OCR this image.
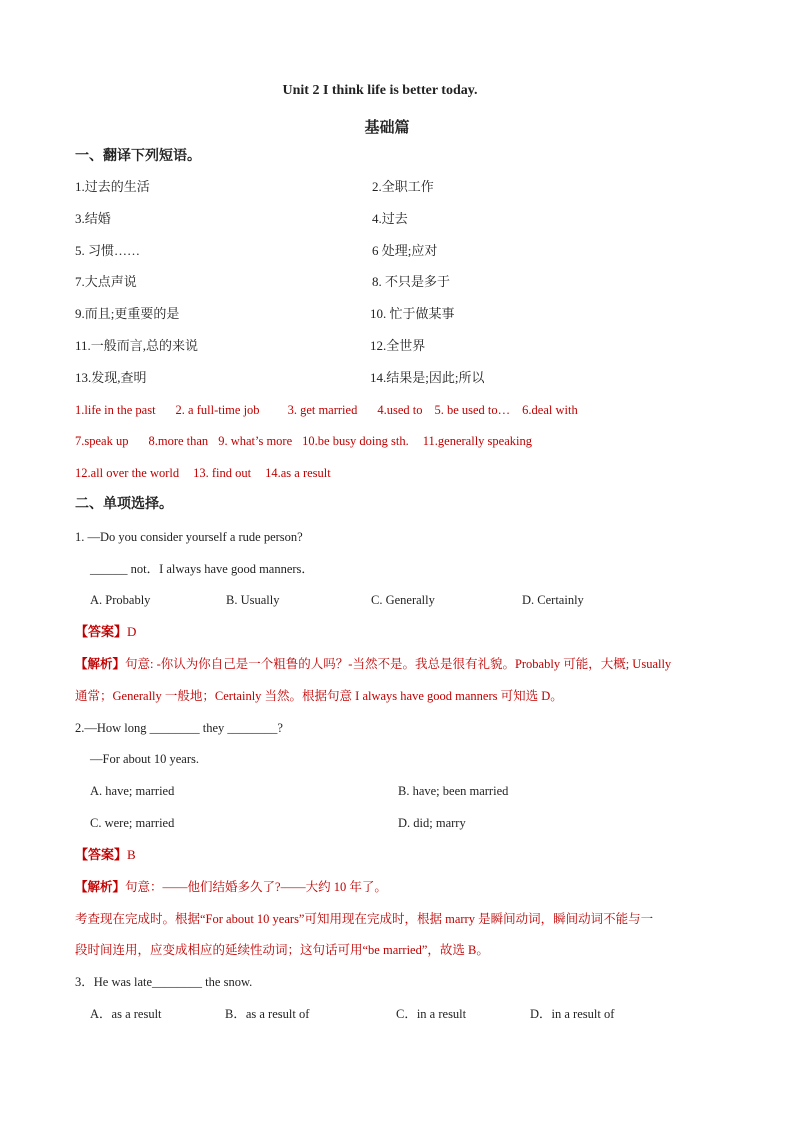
Unit 2 I think life is better today.
基础篇
一、翻译下列短语。
1.过去的生活	2.全职工作
3.结婚	4.过去
5. 习惯……	6 处理;应对
7.大点声说	8. 不只是多于
9.而且;更重要的是	10. 忙于做某事
11.一般而言,总的来说	12.全世界
13.发现,查明	14.结果是;因此;所以
1.life in the past 2. a full-time job 3. get married 4.used to 5. be used to… 6.deal with
7.speak up 8.more than 9. what’s more 10.be busy doing sth. 11.generally speaking
12.all over the world 13. find out 14.as a result
二、单项选择。
1. —Do you consider yourself a rude person?
______ not．I always have good manners．
A. Probably	B. Usually	C. Generally	D. Certainly
【答案】D
【解析】句意: -你认为你自己是一个粗鲁的人吗？-当然不是。我总是很有礼貌。Probably 可能，大概; Usually
通常；Generally 一般地；Certainly 当然。根据句意 I always have good manners 可知选 D。
2.—How long ________ they ________?
—For about 10 years.
A. have; married	B. have; been married
C. were; married	D. did; marry
【答案】B
【解析】句意：——他们结婚多久了?——大约 10 年了。
考查现在完成时。根据“For about 10 years”可知用现在完成时，根据 marry 是瞬间动词，瞬间动词不能与一
段时间连用，应变成相应的延续性动词；这句话可用“be married”，故选 B。
3．He was late________ the snow.
A．as a result	B．as a result of	C．in a result	D．in a result of
